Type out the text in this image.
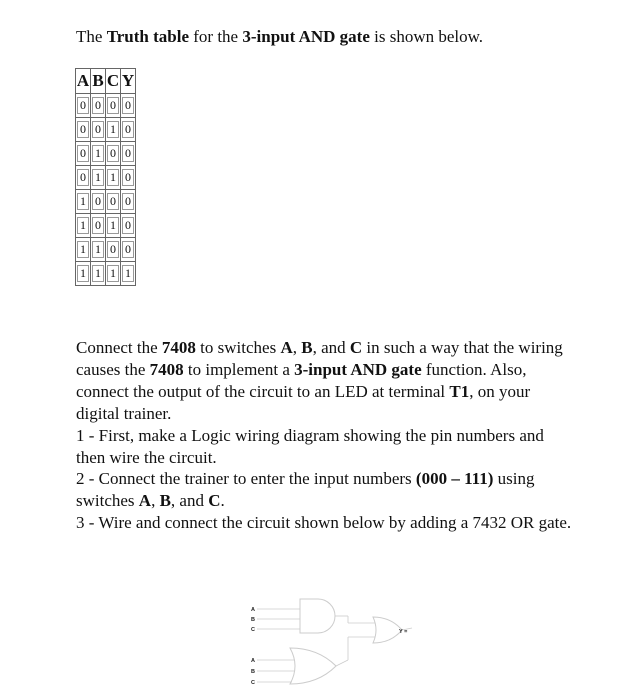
The Truth table for the 3-input AND gate is shown below.
A	B	C	Y
0	0	0	0
0	0	1	0
0	1	0	0
0	1	1	0
1	0	0	0
1	0	1	0
1	1	0	0
1	1	1	1

Connect the 7408 to switches A, B, and C in such a way that the wiring causes the 7408 to implement a 3-input AND gate function. Also, connect the output of the circuit to an LED at terminal T1, on your digital trainer.

1 - First, make a Logic wiring diagram showing the pin numbers and then wire the circuit.

2 - Connect the trainer to enter the input numbers (000 – 111) using switches A, B, and C.

3 - Wire and connect the circuit shown below by adding a 7432 OR gate.

A
B
C	Y =
A
B
C
